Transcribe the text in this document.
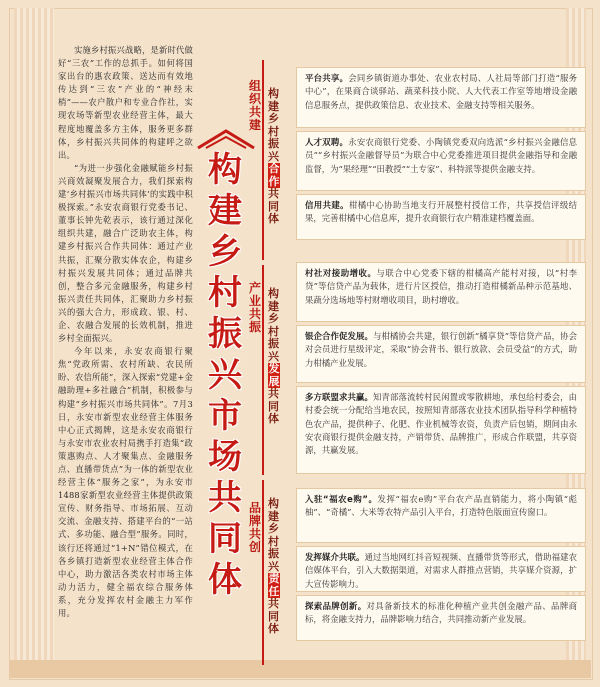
实施乡村振兴战略，是新时代做好“三农”工作的总抓手。如何将国家出台的惠农政策、送达而有效地传达到“三农”产业的“神经末梢”——农户散户和专业合作社，实现农场等新型农业经营主体，最大程度地覆盖多方主体，服务更多群体，乡村振兴共同体的构建呼之欲出。

“为进一步强化金融赋能乡村振兴商效凝聚发展合力，我们探索构建‘乡村振兴市场共同体’的实践中积极探索。”永安农商银行党委书记、董事长钟先乾表示，该行通过深化组织共建，融合广泛助农主体，构建乡村振兴合作共同体：通过产业共振，汇聚分散实体农企，构建乡村振兴发展共同体；通过品牌共创，整合多元金融服务，构建乡村振兴责任共同体，汇聚助力乡村振兴的强大合力，形成政、银、村、企、农融合发展的长效机制，推进乡村全面振兴。

今年以来，永安农商银行聚焦“党政所需、农村所缺、农民所盼、农信所能”，深入探索“党建+金融助理+多社融合”机制，积极参与构建“乡村振兴市场共同体”。7月3日，永安市新型农业经营主体服务中心正式揭牌，这是永安农商银行与永安市农业农村局携手打造集“政策惠购点、人才聚集点、金融服务点、直播带货点”为一体的新型农业经营主体“服务之家”，为永安市1488家新型农业经营主体提供政策宣传、财务指导、市场拓展、互动交流、金融支持、搭建平台的“一站式、多功能、融合型”服务。同时，该行还将通过“1+N”错位模式，在各乡镇打造新型农业经营主体合作中心，助力激活各类农村市场主体动力活力，健全福农综合服务体系，充分发挥农村金融主力军作用。

构
建
乡
村
振
兴
市
场
共
同
体
组织共建
构建乡村振兴合作共同体
平台共享。会同乡镇街道办事处、农业农村局、人社局等部门打造“服务中心”，在果商合谈驿站、蔬菜科技小院、人大代表工作室等地增设金融信息服务点，提供政策信息、农业技术、金融支持等相关服务。
人才双聘。永安农商银行党委、小陶镇党委双向选派“乡村振兴金融信息员”“乡村振兴金融督导员”为联合中心党委推进项目提供金融指导和金融监督，为“果经理”“田教授”“土专家”、科特派等提供金融支持。
信用共建。柑橘中心协助当地支行开展整村授信工作，共享授信评级结果，完善柑橘中心信息库，提升农商银行农户精准建档覆盖面。
产业共振
构建乡村振兴发展共同体
村社对接助增收。与联合中心党委下辖的柑橘高产能村对接，以“村李贷”等信贷产品为载体，进行片区授信，推动打造柑橘新品种示范基地、果蔬分选场地等村财增收项目，助村增收。
银企合作促发展。与柑橘协会共建，银行创新“橘享贷”等信贷产品，协会对会员进行星级评定，采取“协会背书、银行放款、会员受益”的方式，助力柑橘产业发展。
多方联盟求共赢。知青部落流转村民闲置或零散耕地，承包给村委会，由村委会统一分配给当地农民，按照知青部落农业技术团队指导科学种植特色农产品，提供种子、化肥、作业机械等农资，负责产后包销，期间由永安农商银行提供金融支持，产销带货、品牌推广，形成合作联盟，共享资源，共赢发展。
品牌共创
构建乡村振兴责任共同体
入驻“福农e购”。发挥“福农e购”平台农产品直销能力，将小陶镇“彪柚”、“奇橘”、大米等农特产品引入平台，打造特色版面宣传窗口。
发挥媒介共联。通过当地网红抖音短视频、直播带货等形式，借助福建农信媒体平台，引入大数据渠道，对需求人群推点营销，共享媒介资源，扩大宣传影响力。
探索品牌创新。对具备新技术的标准化种植产业共创金融产品、品牌商标，将金融支持力，品牌影响力结合，共同推动新产业发展。
